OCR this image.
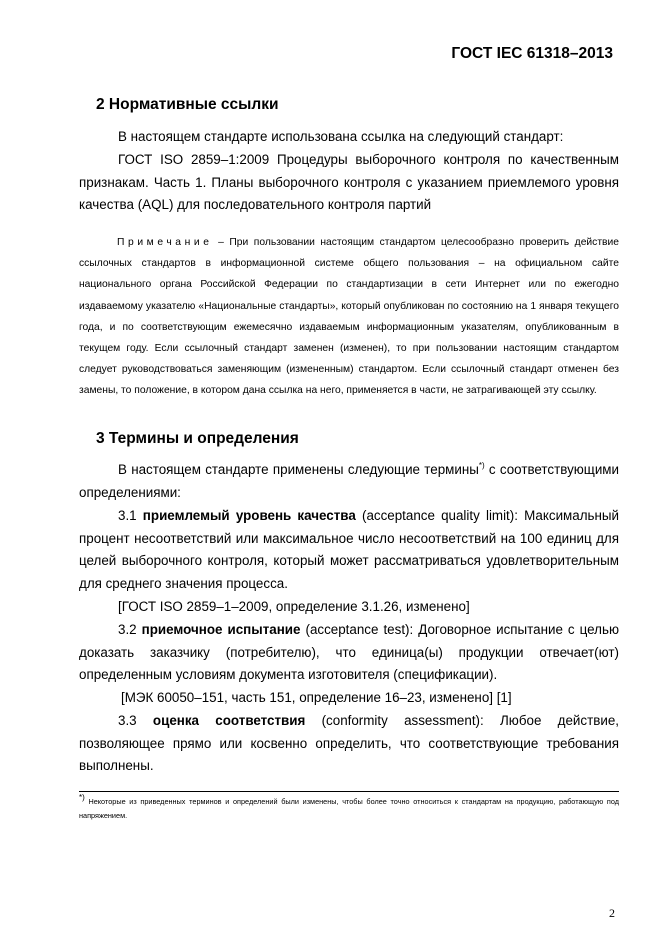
ГОСТ IEC 61318–2013
2 Нормативные ссылки
В настоящем стандарте использована ссылка на следующий стандарт:
ГОСТ ISO 2859–1:2009 Процедуры выборочного контроля по качественным признакам. Часть 1. Планы выборочного контроля с указанием приемлемого уровня качества (AQL) для последовательного контроля партий
Примечание – При пользовании настоящим стандартом целесообразно проверить действие ссылочных стандартов в информационной системе общего пользования – на официальном сайте национального органа Российской Федерации по стандартизации в сети Интернет или по ежегодно издаваемому указателю «Национальные стандарты», который опубликован по состоянию на 1 января текущего года, и по соответствующим ежемесячно издаваемым информационным указателям, опубликованным в текущем году. Если ссылочный стандарт заменен (изменен), то при пользовании настоящим стандартом следует руководствоваться заменяющим (измененным) стандартом. Если ссылочный стандарт отменен без замены, то положение, в котором дана ссылка на него, применяется в части, не затрагивающей эту ссылку.
3 Термины и определения
В настоящем стандарте применены следующие термины*) с соответствующими определениями:
3.1 приемлемый уровень качества (acceptance quality limit): Максимальный процент несоответствий или максимальное число несоответствий на 100 единиц для целей выборочного контроля, который может рассматриваться удовлетворительным для среднего значения процесса.
[ГОСТ ISO 2859–1–2009, определение 3.1.26, изменено]
3.2 приемочное испытание (acceptance test): Договорное испытание с целью доказать заказчику (потребителю), что единица(ы) продукции отвечает(ют) определенным условиям документа изготовителя (спецификации).
[МЭК 60050–151, часть 151, определение 16–23, изменено] [1]
3.3 оценка соответствия (conformity assessment): Любое действие, позволяющее прямо или косвенно определить, что соответствующие требования выполнены.
*) Некоторые из приведенных терминов и определений были изменены, чтобы более точно относиться к стандартам на продукцию, работающую под напряжением.
2
